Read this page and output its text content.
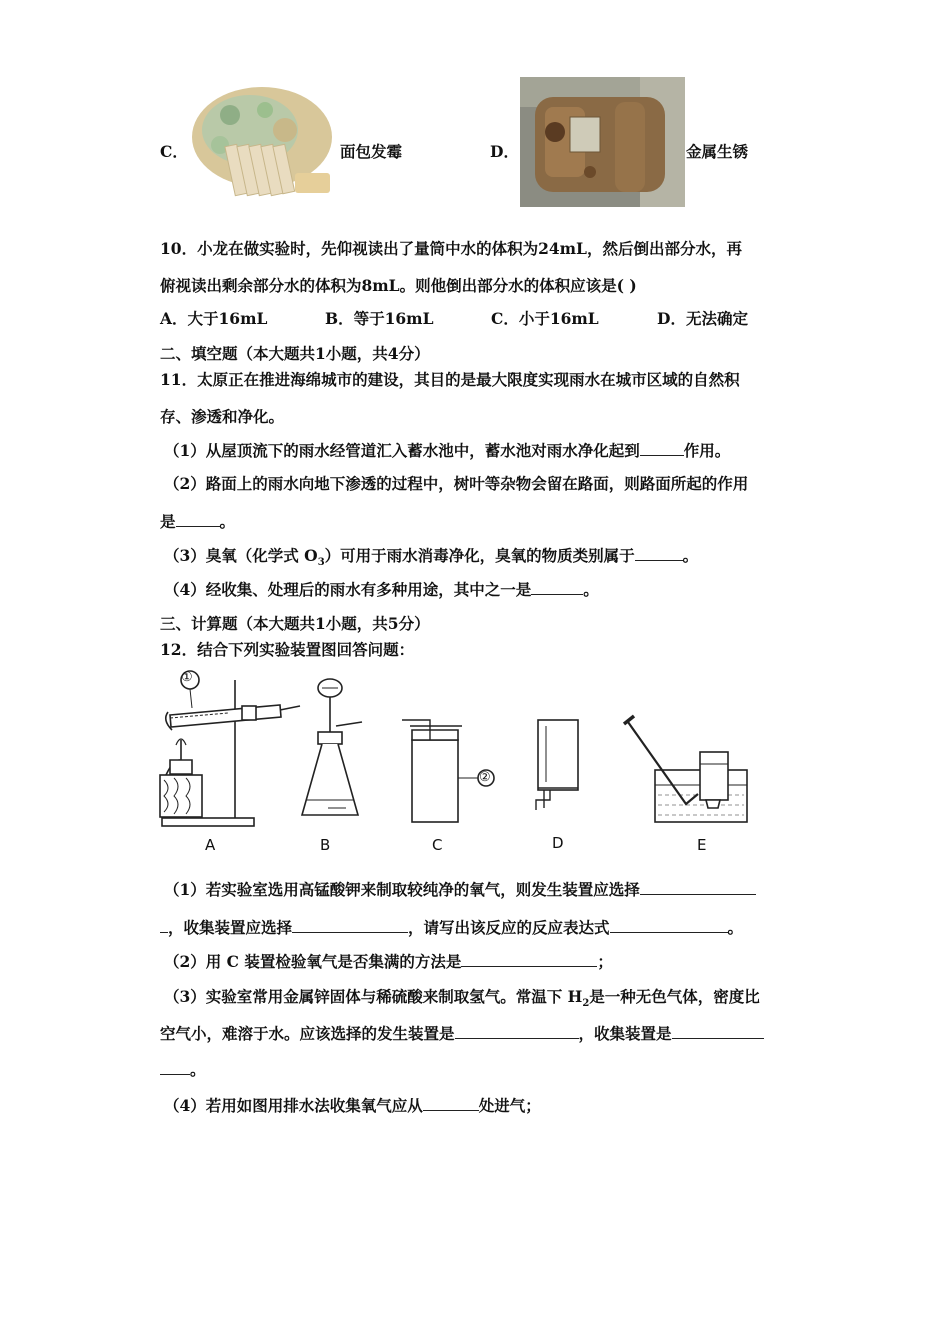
C．	面包发霉	D．	金属生锈
10．小龙在做实验时，先仰视读出了量筒中水的体积为24mL，然后倒出部分水，再
俯视读出剩余部分水的体积为8mL。则他倒出部分水的体积应该是( )
A．大于16mL	B．等于16mL	C．小于16mL	D．无法确定
二、填空题（本大题共1小题，共4分）
11．太原正在推进海绵城市的建设，其目的是最大限度实现雨水在城市区域的自然积
存、渗透和净化。
（1）从屋顶流下的雨水经管道汇入蓄水池中，蓄水池对雨水净化起到	作用。
（2）路面上的雨水向地下渗透的过程中，树叶等杂物会留在路面，则路面所起的作用
是	。
（3）臭氧（化学式 $O_3$）可用于雨水消毒净化，臭氧的物质类别属于	。
（4）经收集、处理后的雨水有多种用途，其中之一是	。
三、计算题（本大题共1小题，共5分）
12．结合下列实验装置图回答问题：
①
②
A	B	C	D	E
（1）若实验室选用高锰酸钾来制取较纯净的氧气，则发生装置应选择
，收集装置应选择	，请写出该反应的反应表达式	。
（2）用 C 装置检验氧气是否集满的方法是	；
（3）实验室常用金属锌固体与稀硫酸来制取氢气。常温下 $H_2$是一种无色气体，密度比
空气小，难溶于水。应该选择的发生装置是	，收集装置是
。
（4）若用如图用排水法收集氧气应从	处进气；
